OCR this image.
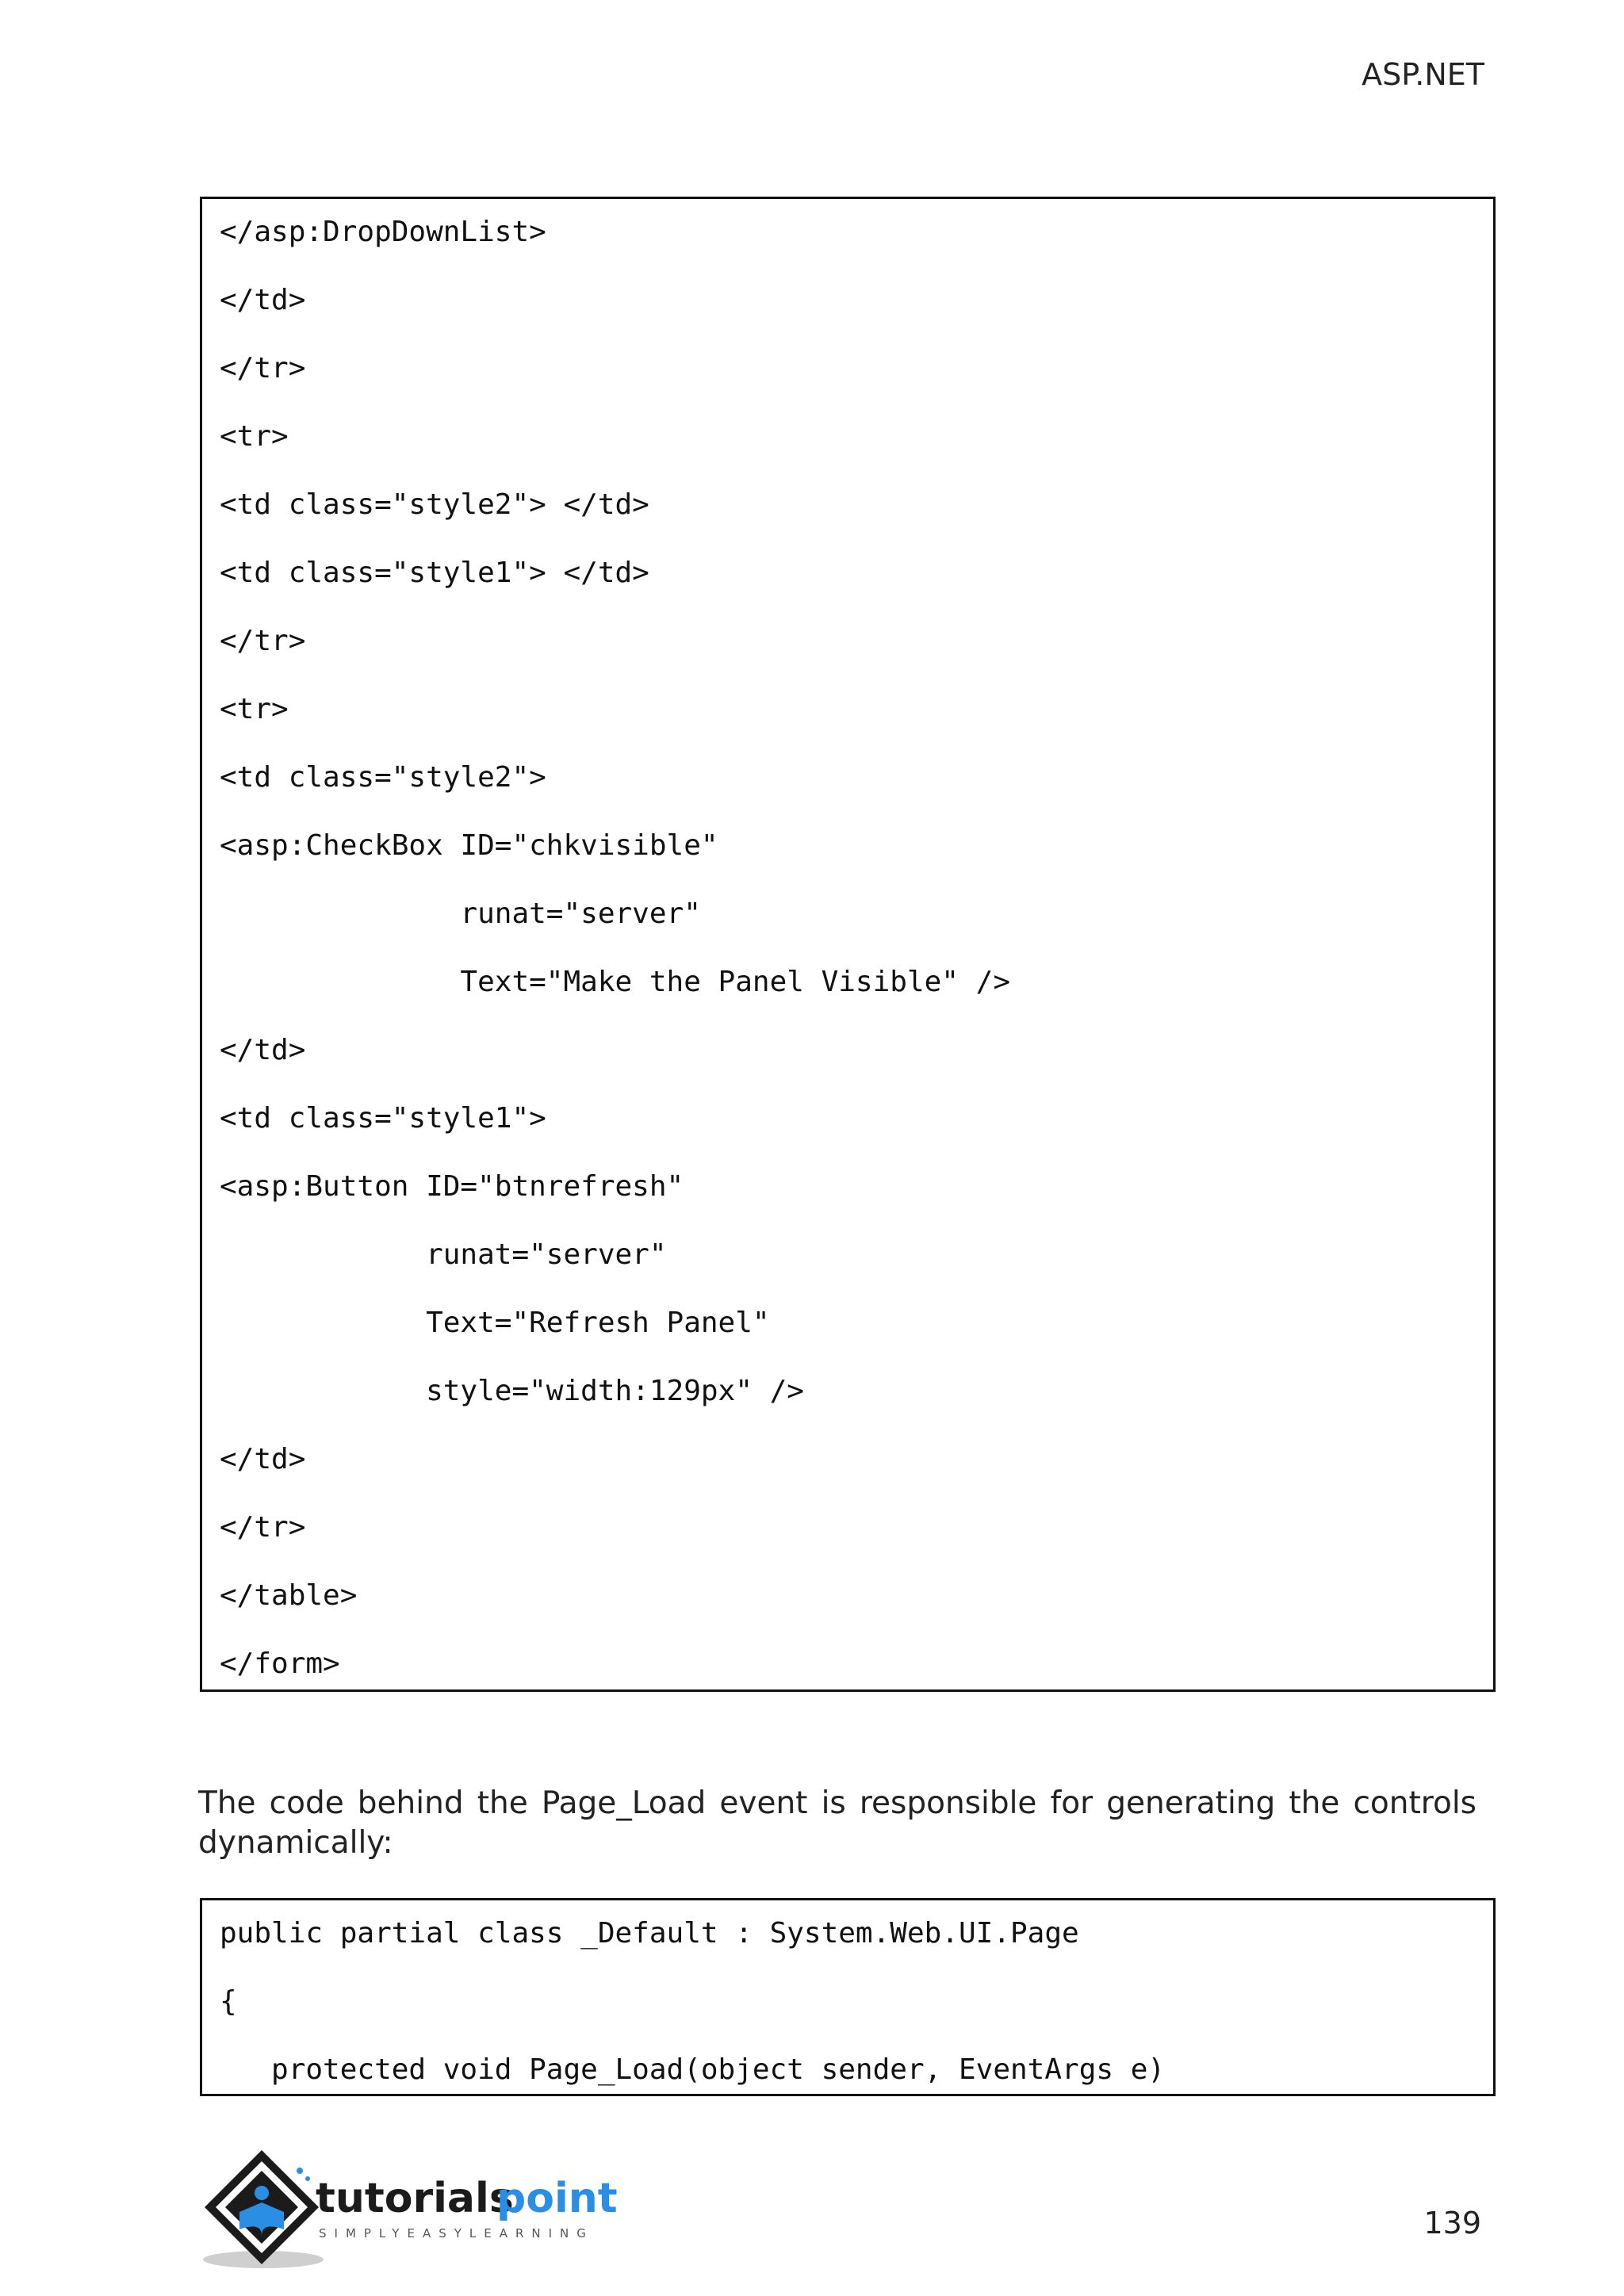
ASP.NET
</asp:DropDownList>
</td>
</tr>
<tr>
<td class="style2"> </td>
<td class="style1"> </td>
</tr>
<tr>
<td class="style2">
<asp:CheckBox ID="chkvisible"
runat="server"
Text="Make the Panel Visible" />
</td>
<td class="style1">
<asp:Button ID="btnrefresh"
runat="server"
Text="Refresh Panel"
style="width:129px" />
</td>
</tr>
</table>
</form>
The code behind the Page_Load event is responsible for generating the controls dynamically:
public partial class _Default : System.Web.UI.Page
{
protected void Page_Load(object sender, EventArgs e)
tutorials
point
SIMPLYEASYLEARNING	139
